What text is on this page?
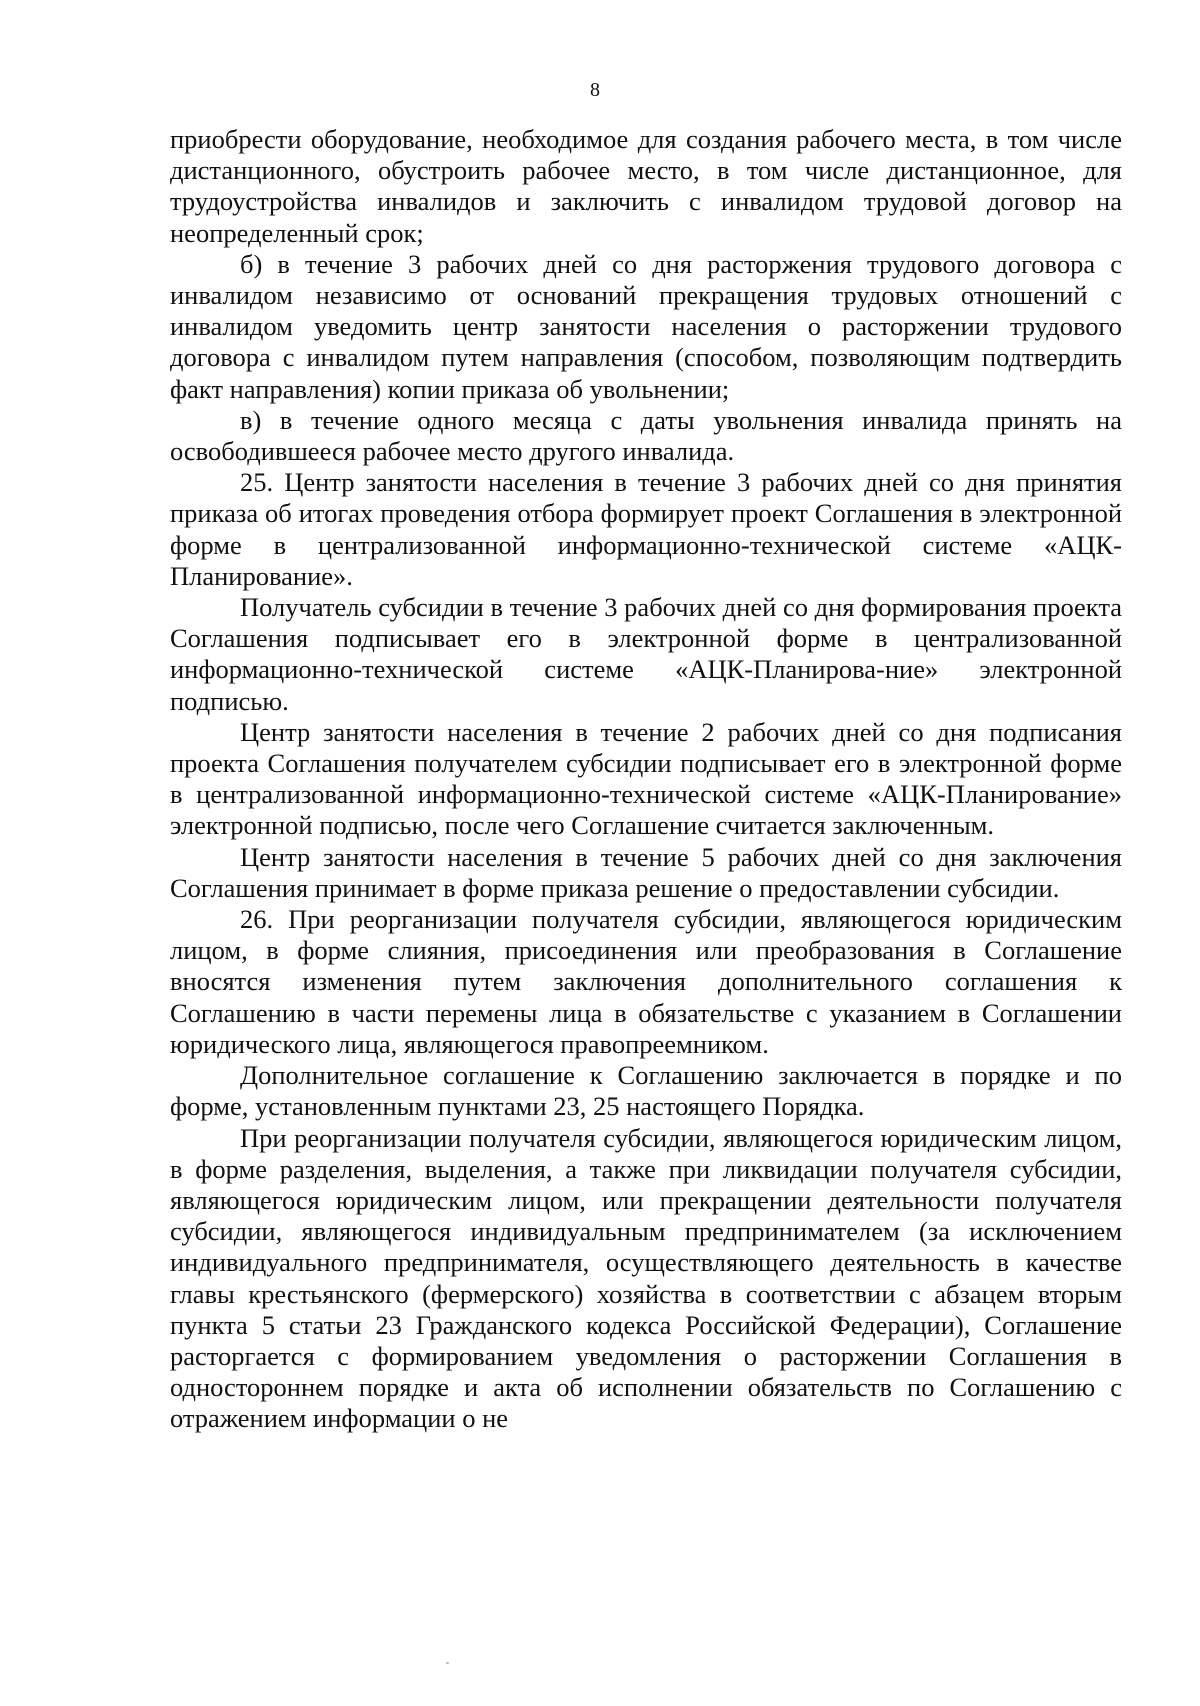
8

приобрести оборудование, необходимое для создания рабочего места, в том числе дистанционного, обустроить рабочее место, в том числе дистанционное, для трудоустройства инвалидов и заключить с инвалидом трудовой договор на неопределенный срок;

б) в течение 3 рабочих дней со дня расторжения трудового договора с инвалидом независимо от оснований прекращения трудовых отношений с инвалидом уведомить центр занятости населения о расторжении трудового договора с инвалидом путем направления (способом, позволяющим подтвердить факт направления) копии приказа об увольнении;

в) в течение одного месяца с даты увольнения инвалида принять на освободившееся рабочее место другого инвалида.

25. Центр занятости населения в течение 3 рабочих дней со дня принятия приказа об итогах проведения отбора формирует проект Соглашения в электронной форме в централизованной информационно-технической системе «АЦК-Планирование».

Получатель субсидии в течение 3 рабочих дней со дня формирования проекта Соглашения подписывает его в электронной форме в централизованной информационно-технической системе «АЦК-Планирова-ние» электронной подписью.

Центр занятости населения в течение 2 рабочих дней со дня подписания проекта Соглашения получателем субсидии подписывает его в электронной форме в централизованной информационно-технической системе «АЦК-Планирование» электронной подписью, после чего Соглашение считается заключенным.

Центр занятости населения в течение 5 рабочих дней со дня заключения Соглашения принимает в форме приказа решение о предоставлении субсидии.

26. При реорганизации получателя субсидии, являющегося юридическим лицом, в форме слияния, присоединения или преобразования в Соглашение вносятся изменения путем заключения дополнительного соглашения к Соглашению в части перемены лица в обязательстве с указанием в Соглашении юридического лица, являющегося правопреемником.

Дополнительное соглашение к Соглашению заключается в порядке и по форме, установленным пунктами 23, 25 настоящего Порядка.

При реорганизации получателя субсидии, являющегося юридическим лицом, в форме разделения, выделения, а также при ликвидации получателя субсидии, являющегося юридическим лицом, или прекращении деятельности получателя субсидии, являющегося индивидуальным предпринимателем (за исключением индивидуального предпринимателя, осуществляющего деятельность в качестве главы крестьянского (фермерского) хозяйства в соответствии с абзацем вторым пункта 5 статьи 23 Гражданского кодекса Российской Федерации), Соглашение расторгается с формированием уведомления о расторжении Соглашения в одностороннем порядке и акта об исполнении обязательств по Соглашению с отражением информации о не
